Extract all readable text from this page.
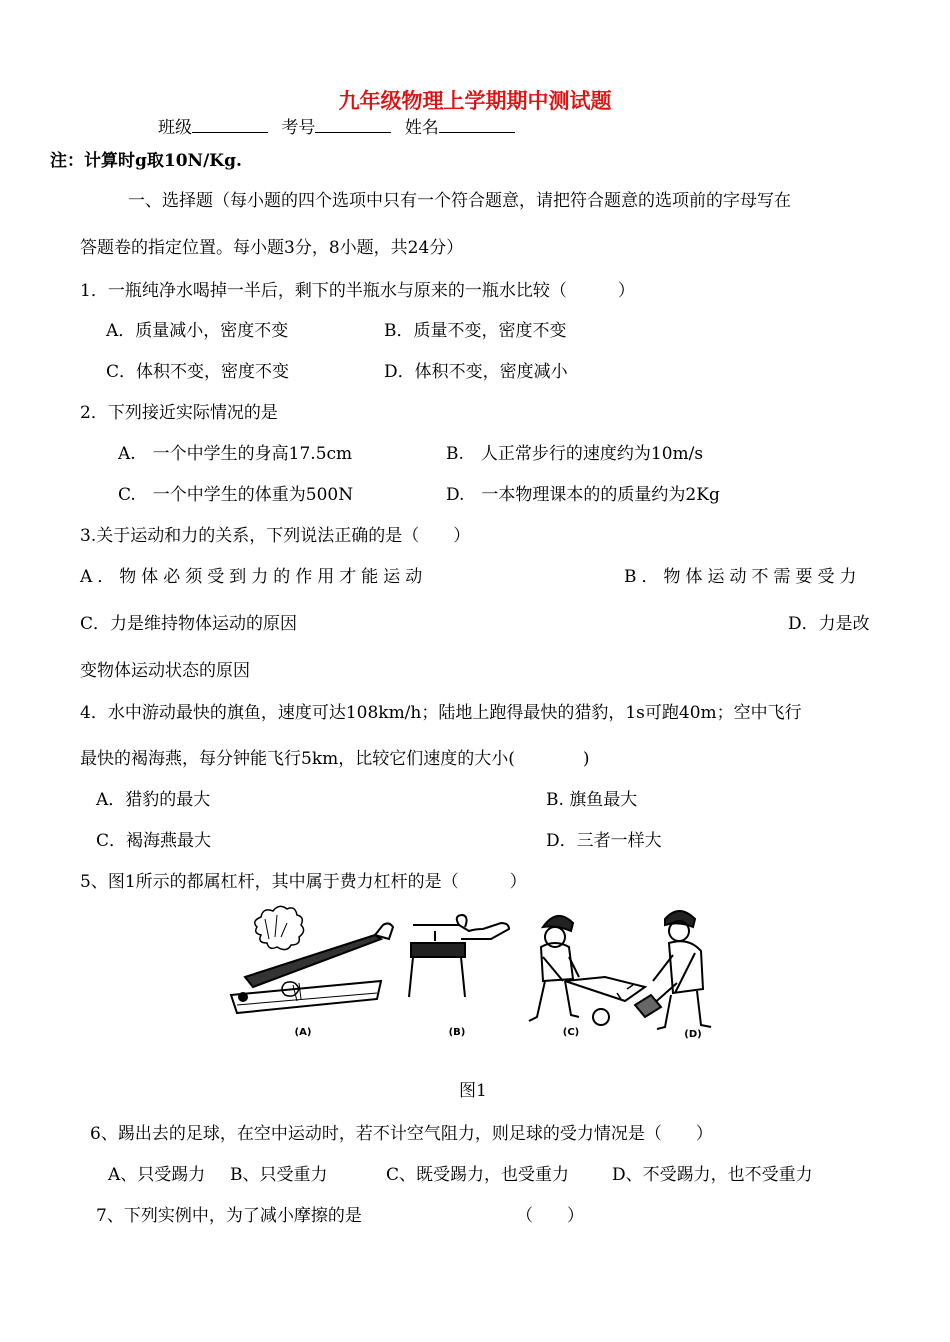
九年级物理上学期期中测试题
班级	考号	姓名
注：计算时g取10N/Kg.
一、选择题（每小题的四个选项中只有一个符合题意，请把符合题意的选项前的字母写在
答题卷的指定位置。每小题3分，8小题，共24分）
1．一瓶纯净水喝掉一半后，剩下的半瓶水与原来的一瓶水比较（　　　）
A．质量减小，密度不变	B．质量不变，密度不变
C．体积不变，密度不变	D．体积不变，密度减小
2．下列接近实际情况的是
A.　一个中学生的身高17.5cm	B.　人正常步行的速度约为10m/s
C.　一个中学生的体重为500N	D.　一本物理课本的的质量约为2Kg
3.关于运动和力的关系，下列说法正确的是（　　）
A．物体必须受到力的作用才能运动	B．物体运动不需要受力
C．力是维持物体运动的原因	D．力是改
变物体运动状态的原因
4．水中游动最快的旗鱼，速度可达108km/h；陆地上跑得最快的猎豹，1s可跑40m；空中飞行
最快的褐海燕，每分钟能飞行5km，比较它们速度的大小(　　　　)
A．猎豹的最大	B. 旗鱼最大
C．褐海燕最大	D．三者一样大
5、图1所示的都属杠杆，其中属于费力杠杆的是（　　　）
(A)	(B)	(C)	(D)
图1
6、踢出去的足球，在空中运动时，若不计空气阻力，则足球的受力情况是（　　）
A、只受踢力 B、只受重力	C、既受踢力，也受重力	D、不受踢力，也不受重力
7、下列实例中，为了减小摩擦的是	（　　）
